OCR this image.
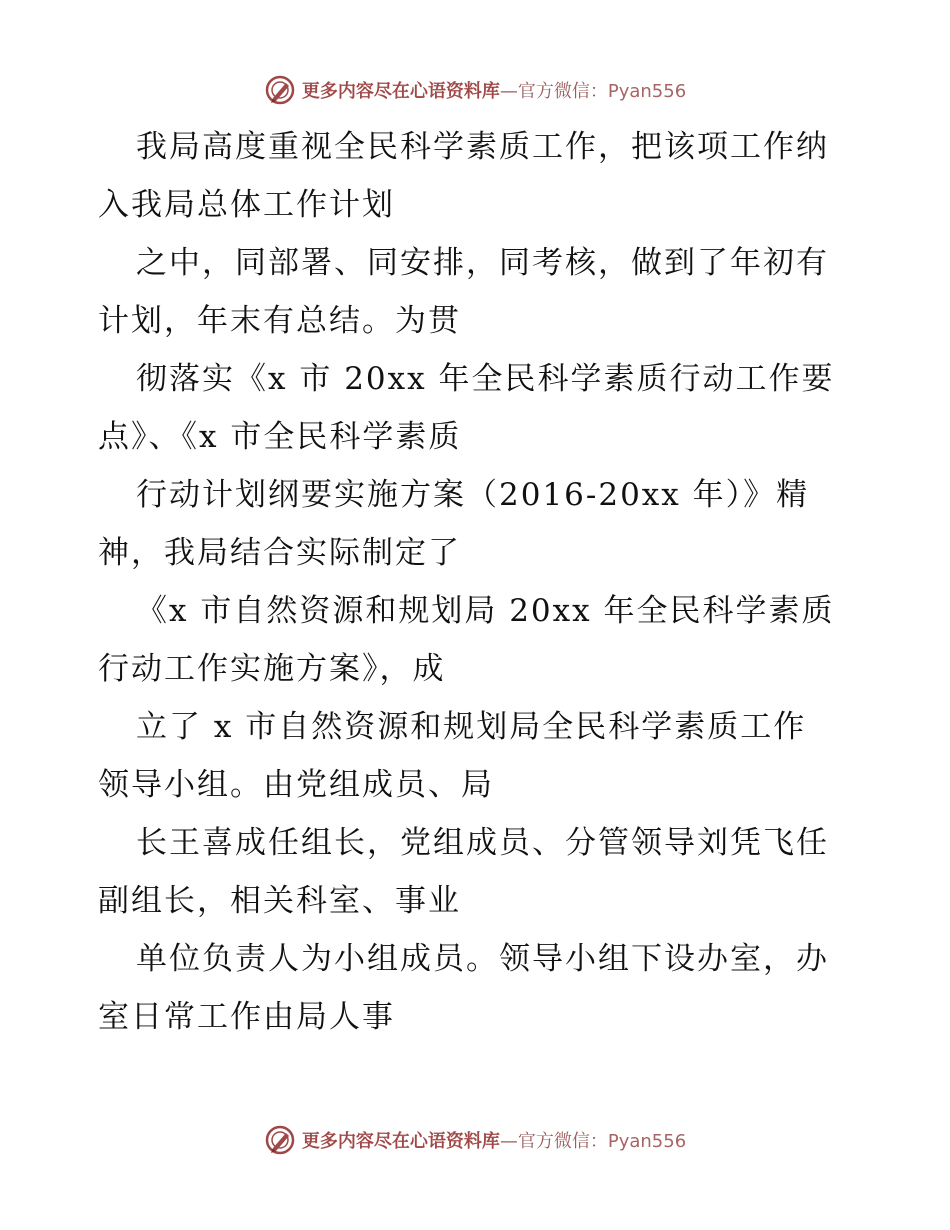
更多内容尽在心语资料库—官方微信：Pyan556
我局高度重视全民科学素质工作，把该项工作纳
入我局总体工作计划
之中，同部署、同安排，同考核，做到了年初有
计划，年末有总结。为贯
彻落实《x 市 20xx 年全民科学素质行动工作要
点》、《x 市全民科学素质
行动计划纲要实施方案（2016-20xx 年）》精
神，我局结合实际制定了
《x 市自然资源和规划局 20xx 年全民科学素质
行动工作实施方案》，成
立了 x 市自然资源和规划局全民科学素质工作
领导小组。由党组成员、局
长王喜成任组长，党组成员、分管领导刘凭飞任
副组长，相关科室、事业
单位负责人为小组成员。领导小组下设办室，办
室日常工作由局人事
更多内容尽在心语资料库—官方微信：Pyan556
